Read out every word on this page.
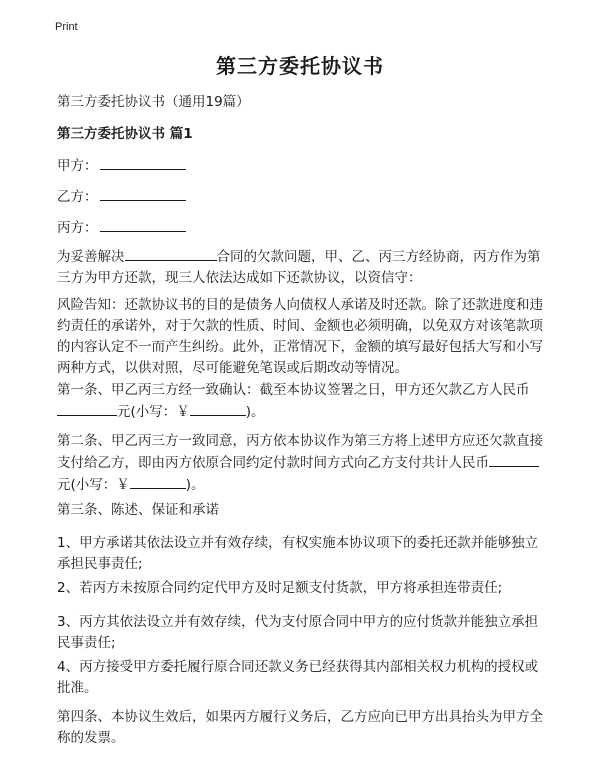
Print
第三方委托协议书
第三方委托协议书（通用19篇）
第三方委托协议书 篇1
甲方：
乙方：
丙方：
为妥善解决	合同的欠款问题，甲、乙、丙三方经协商，丙方作为第
三方为甲方还款，现三人依法达成如下还款协议，以资信守：
风险告知：还款协议书的目的是债务人向债权人承诺及时还款。除了还款进度和违
约责任的承诺外，对于欠款的性质、时间、金额也必须明确，以免双方对该笔款项
的内容认定不一而产生纠纷。此外，正常情况下，金额的填写最好包括大写和小写
两种方式，以供对照，尽可能避免笔误或后期改动等情况。
第一条、甲乙丙三方经一致确认：截至本协议签署之日，甲方还欠款乙方人民币
元(小写：￥	)。
第二条、甲乙丙三方一致同意，丙方依本协议作为第三方将上述甲方应还欠款直接
支付给乙方，即由丙方依原合同约定付款时间方式向乙方支付共计人民币
元(小写：￥	)。
第三条、陈述、保证和承诺
1、甲方承诺其依法设立并有效存续，有权实施本协议项下的委托还款并能够独立
承担民事责任;
2、若丙方未按原合同约定代甲方及时足额支付货款，甲方将承担连带责任;
3、丙方其依法设立并有效存续，代为支付原合同中甲方的应付货款并能独立承担
民事责任;
4、丙方接受甲方委托履行原合同还款义务已经获得其内部相关权力机构的授权或
批准。
第四条、本协议生效后，如果丙方履行义务后，乙方应向已甲方出具抬头为甲方全
称的发票。
